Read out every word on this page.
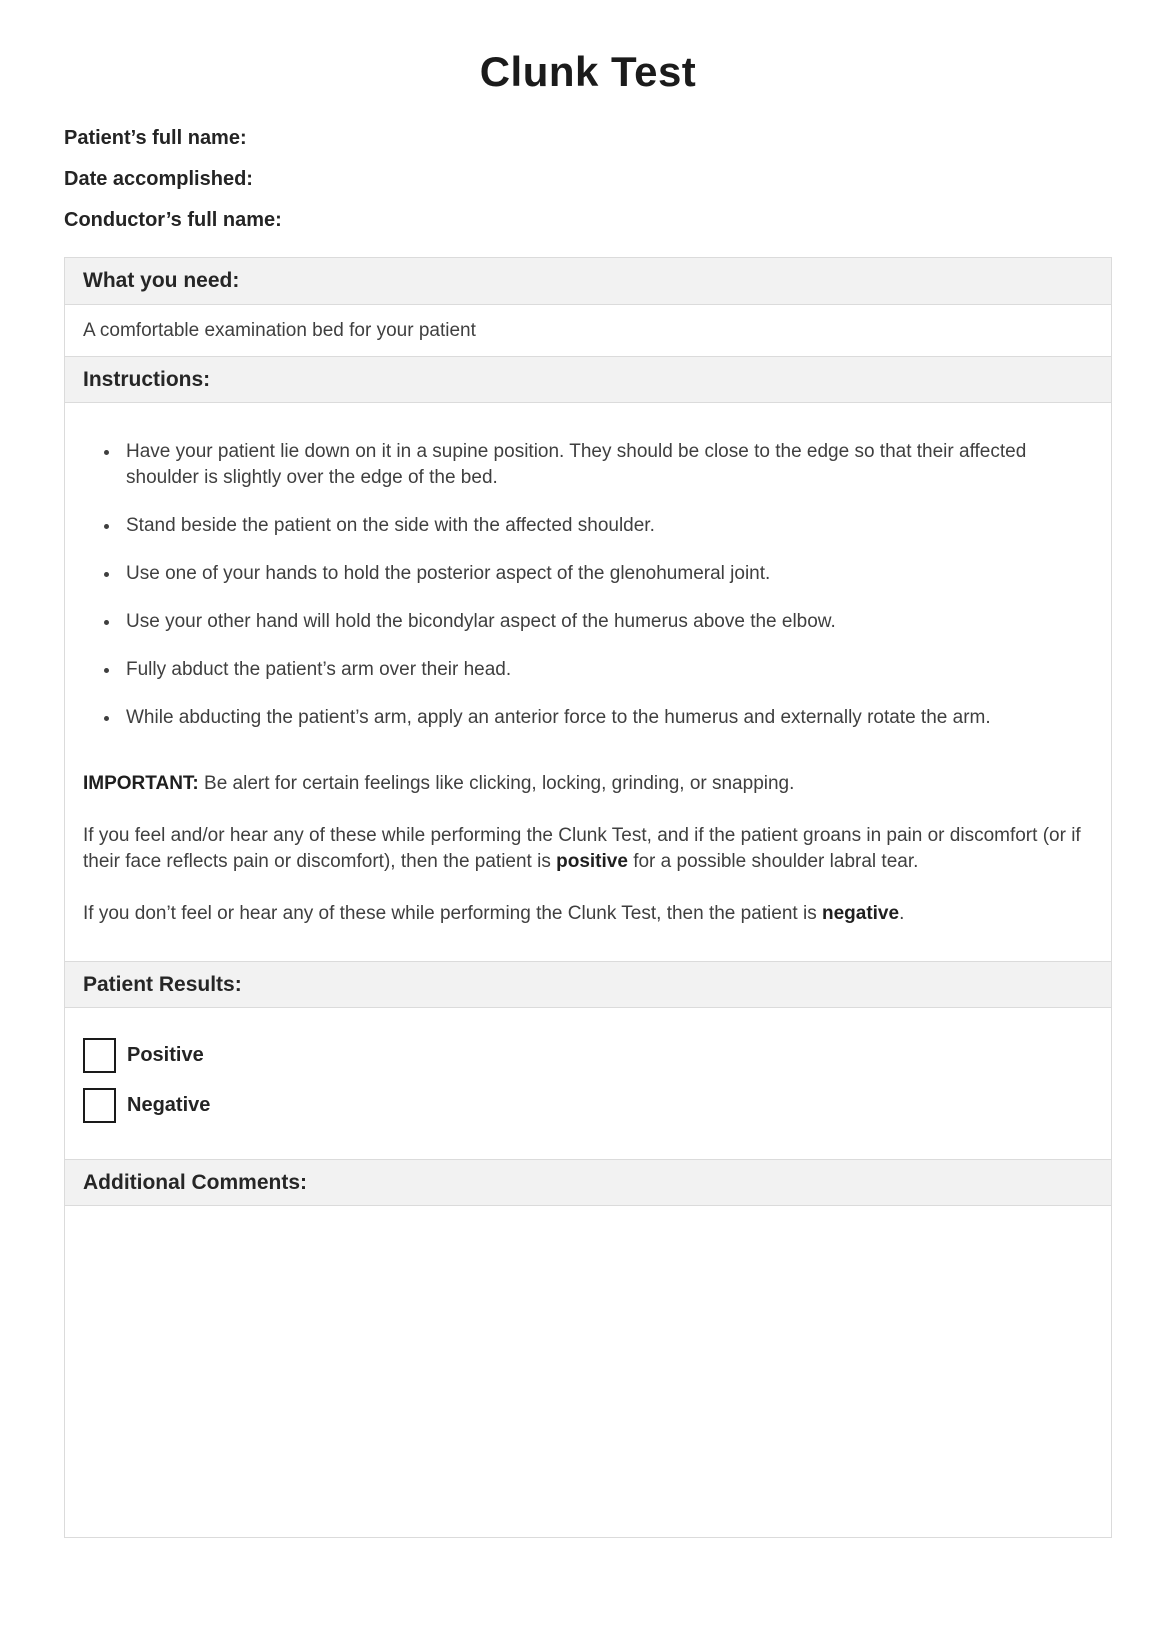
Clunk Test

Patient’s full name:

Date accomplished:

Conductor’s full name:

What you need:
A comfortable examination bed for your patient
Instructions:
• Have your patient lie down on it in a supine position. They should be close to the edge so that their affected shoulder is slightly over the edge of the bed.
• Stand beside the patient on the side with the affected shoulder.
• Use one of your hands to hold the posterior aspect of the glenohumeral joint.
• Use your other hand will hold the bicondylar aspect of the humerus above the elbow.
• Fully abduct the patient’s arm over their head.
• While abducting the patient’s arm, apply an anterior force to the humerus and externally rotate the arm.

IMPORTANT: Be alert for certain feelings like clicking, locking, grinding, or snapping.

If you feel and/or hear any of these while performing the Clunk Test, and if the patient groans in pain or discomfort (or if their face reflects pain or discomfort), then the patient is positive for a possible shoulder labral tear.

If you don’t feel or hear any of these while performing the Clunk Test, then the patient is negative.

Patient Results:
Positive
Negative
Additional Comments:
